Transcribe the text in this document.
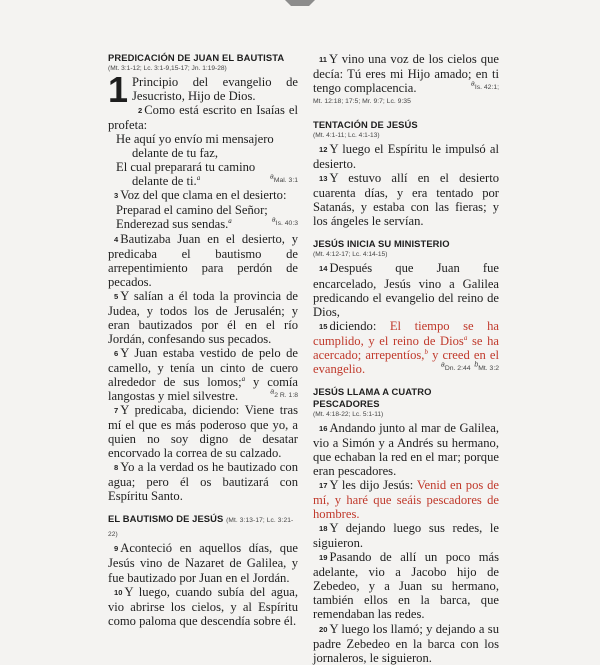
PREDICACIÓN DE JUAN EL BAUTISTA
(Mt. 3:1-12; Lc. 3:1-9,15-17; Jn. 1:19-28)

1 Principio del evangelio de Jesucristo, Hijo de Dios.

2 Como está escrito en Isaías el profeta:

He aquí yo envío mi mensajero
delante de tu faz,
El cual preparará tu camino
delante de ti.$^a$	$^a$Mal. 3:1

3 Voz del que clama en el desierto:

Preparad el camino del Señor;
Enderezad sus sendas.$^a$	$^a$Is. 40:3

4 Bautizaba Juan en el desierto, y predicaba el bautismo de arrepentimiento para perdón de pecados.

5 Y salían a él toda la provincia de Judea, y todos los de Jerusalén; y eran bautizados por él en el río Jordán, confesando sus pecados.

6 Y Juan estaba vestido de pelo de camello, y tenía un cinto de cuero alrededor de sus lomos;$^a$ y comía langostas y miel silvestre.	$^a$2 R. 1:8

7 Y predicaba, diciendo: Viene tras mí el que es más poderoso que yo, a quien no soy digno de desatar encorvado la correa de su calzado.

8 Yo a la verdad os he bautizado con agua; pero él os bautizará con Espíritu Santo.

EL BAUTISMO DE JESÚS (Mt. 3:13-17; Lc. 3:21-22)

9 Aconteció en aquellos días, que Jesús vino de Nazaret de Galilea, y fue bautizado por Juan en el Jordán.

10 Y luego, cuando subía del agua, vio abrirse los cielos, y al Espíritu como paloma que descendía sobre él.

11 Y vino una voz de los cielos que decía: Tú eres mi Hijo amado; en ti tengo complacencia.	$^a$Is. 42:1;

Mt. 12:18; 17:5; Mr. 9:7; Lc. 9:35
TENTACIÓN DE JESÚS
(Mt. 4:1-11; Lc. 4:1-13)

12 Y luego el Espíritu le impulsó al desierto.

13 Y estuvo allí en el desierto cuarenta días, y era tentado por Satanás, y estaba con las fieras; y los ángeles le servían.

JESÚS INICIA SU MINISTERIO
(Mt. 4:12-17; Lc. 4:14-15)

14 Después que Juan fue encarcelado, Jesús vino a Galilea predicando el evangelio del reino de Dios,

15 diciendo: El tiempo se ha cumplido, y el reino de Dios$^a$ se ha acercado; arrepentíos,$^b$ y creed en el evangelio.	$^a$Dn. 2:44 $^b$Mt. 3:2

JESÚS LLAMA A CUATRO PESCADORES
(Mt. 4:18-22; Lc. 5:1-11)

16 Andando junto al mar de Galilea, vio a Simón y a Andrés su hermano, que echaban la red en el mar; porque eran pescadores.

17 Y les dijo Jesús: Venid en pos de mí, y haré que seáis pescadores de hombres.

18 Y dejando luego sus redes, le siguieron.

19 Pasando de allí un poco más adelante, vio a Jacobo hijo de Zebedeo, y a Juan su hermano, también ellos en la barca, que remendaban las redes.

20 Y luego los llamó; y dejando a su padre Zebedeo en la barca con los jornaleros, le siguieron.
